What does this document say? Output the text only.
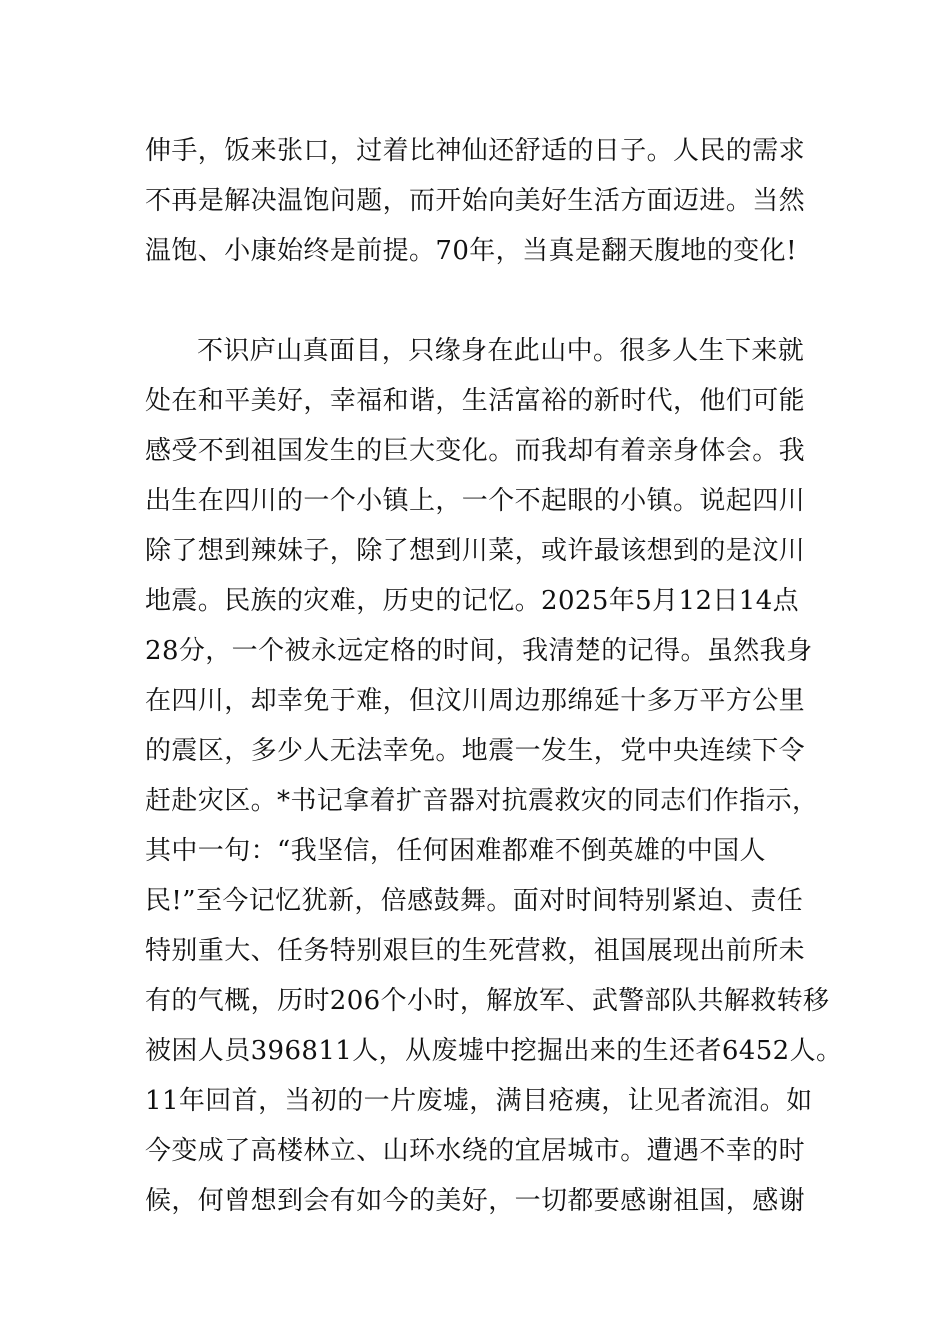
伸手，饭来张口，过着比神仙还舒适的日子。人民的需求
不再是解决温饱问题，而开始向美好生活方面迈进。当然
温饱、小康始终是前提。70年，当真是翻天腹地的变化!
不识庐山真面目，只缘身在此山中。很多人生下来就
处在和平美好，幸福和谐，生活富裕的新时代，他们可能
感受不到祖国发生的巨大变化。而我却有着亲身体会。我
出生在四川的一个小镇上，一个不起眼的小镇。说起四川
除了想到辣妹子，除了想到川菜，或许最该想到的是汶川
地震。民族的灾难，历史的记忆。2025年5月12日14点
28分，一个被永远定格的时间，我清楚的记得。虽然我身
在四川，却幸免于难，但汶川周边那绵延十多万平方公里
的震区，多少人无法幸免。地震一发生，党中央连续下令
赶赴灾区。*书记拿着扩音器对抗震救灾的同志们作指示，
其中一句：“我坚信，任何困难都难不倒英雄的中国人
民!”至今记忆犹新，倍感鼓舞。面对时间特别紧迫、责任
特别重大、任务特别艰巨的生死营救，祖国展现出前所未
有的气概，历时206个小时，解放军、武警部队共解救转移
被困人员396811人，从废墟中挖掘出来的生还者6452人。
11年回首，当初的一片废墟，满目疮痍，让见者流泪。如
今变成了高楼林立、山环水绕的宜居城市。遭遇不幸的时
候，何曾想到会有如今的美好，一切都要感谢祖国，感谢
